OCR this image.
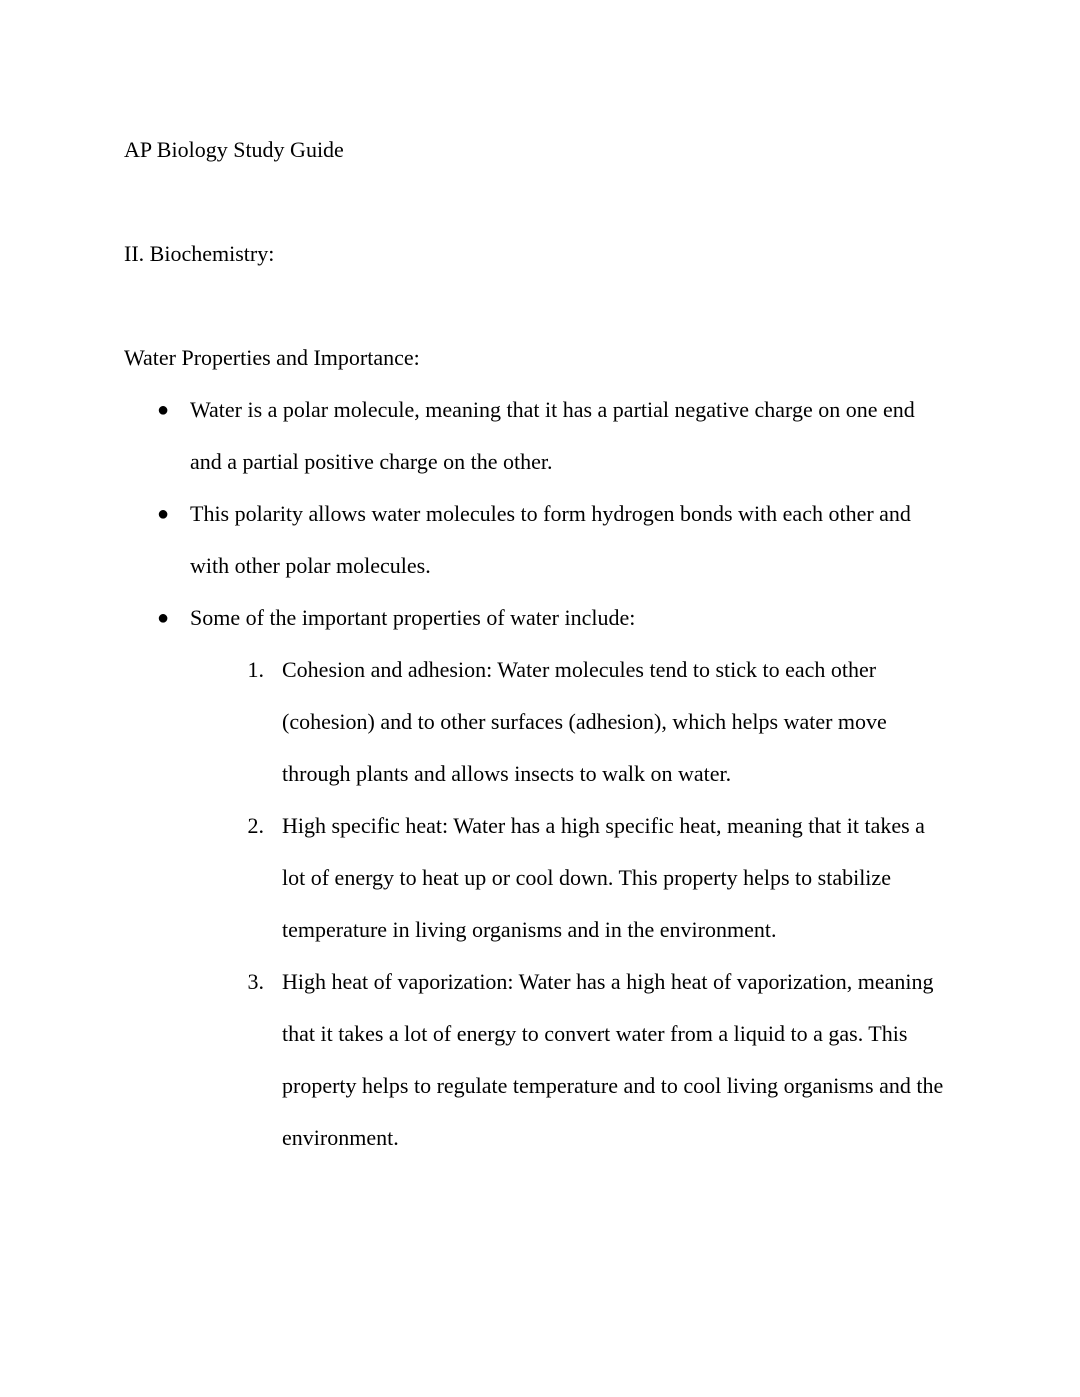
AP Biology Study Guide
II. Biochemistry:

Water Properties and Importance:

● Water is a polar molecule, meaning that it has a partial negative charge on one end and a partial positive charge on the other.
● This polarity allows water molecules to form hydrogen bonds with each other and with other polar molecules.
● Some of the important properties of water include:
1. Cohesion and adhesion: Water molecules tend to stick to each other (cohesion) and to other surfaces (adhesion), which helps water move through plants and allows insects to walk on water.
2. High specific heat: Water has a high specific heat, meaning that it takes a lot of energy to heat up or cool down. This property helps to stabilize temperature in living organisms and in the environment.
3. High heat of vaporization: Water has a high heat of vaporization, meaning that it takes a lot of energy to convert water from a liquid to a gas. This property helps to regulate temperature and to cool living organisms and the environment.
